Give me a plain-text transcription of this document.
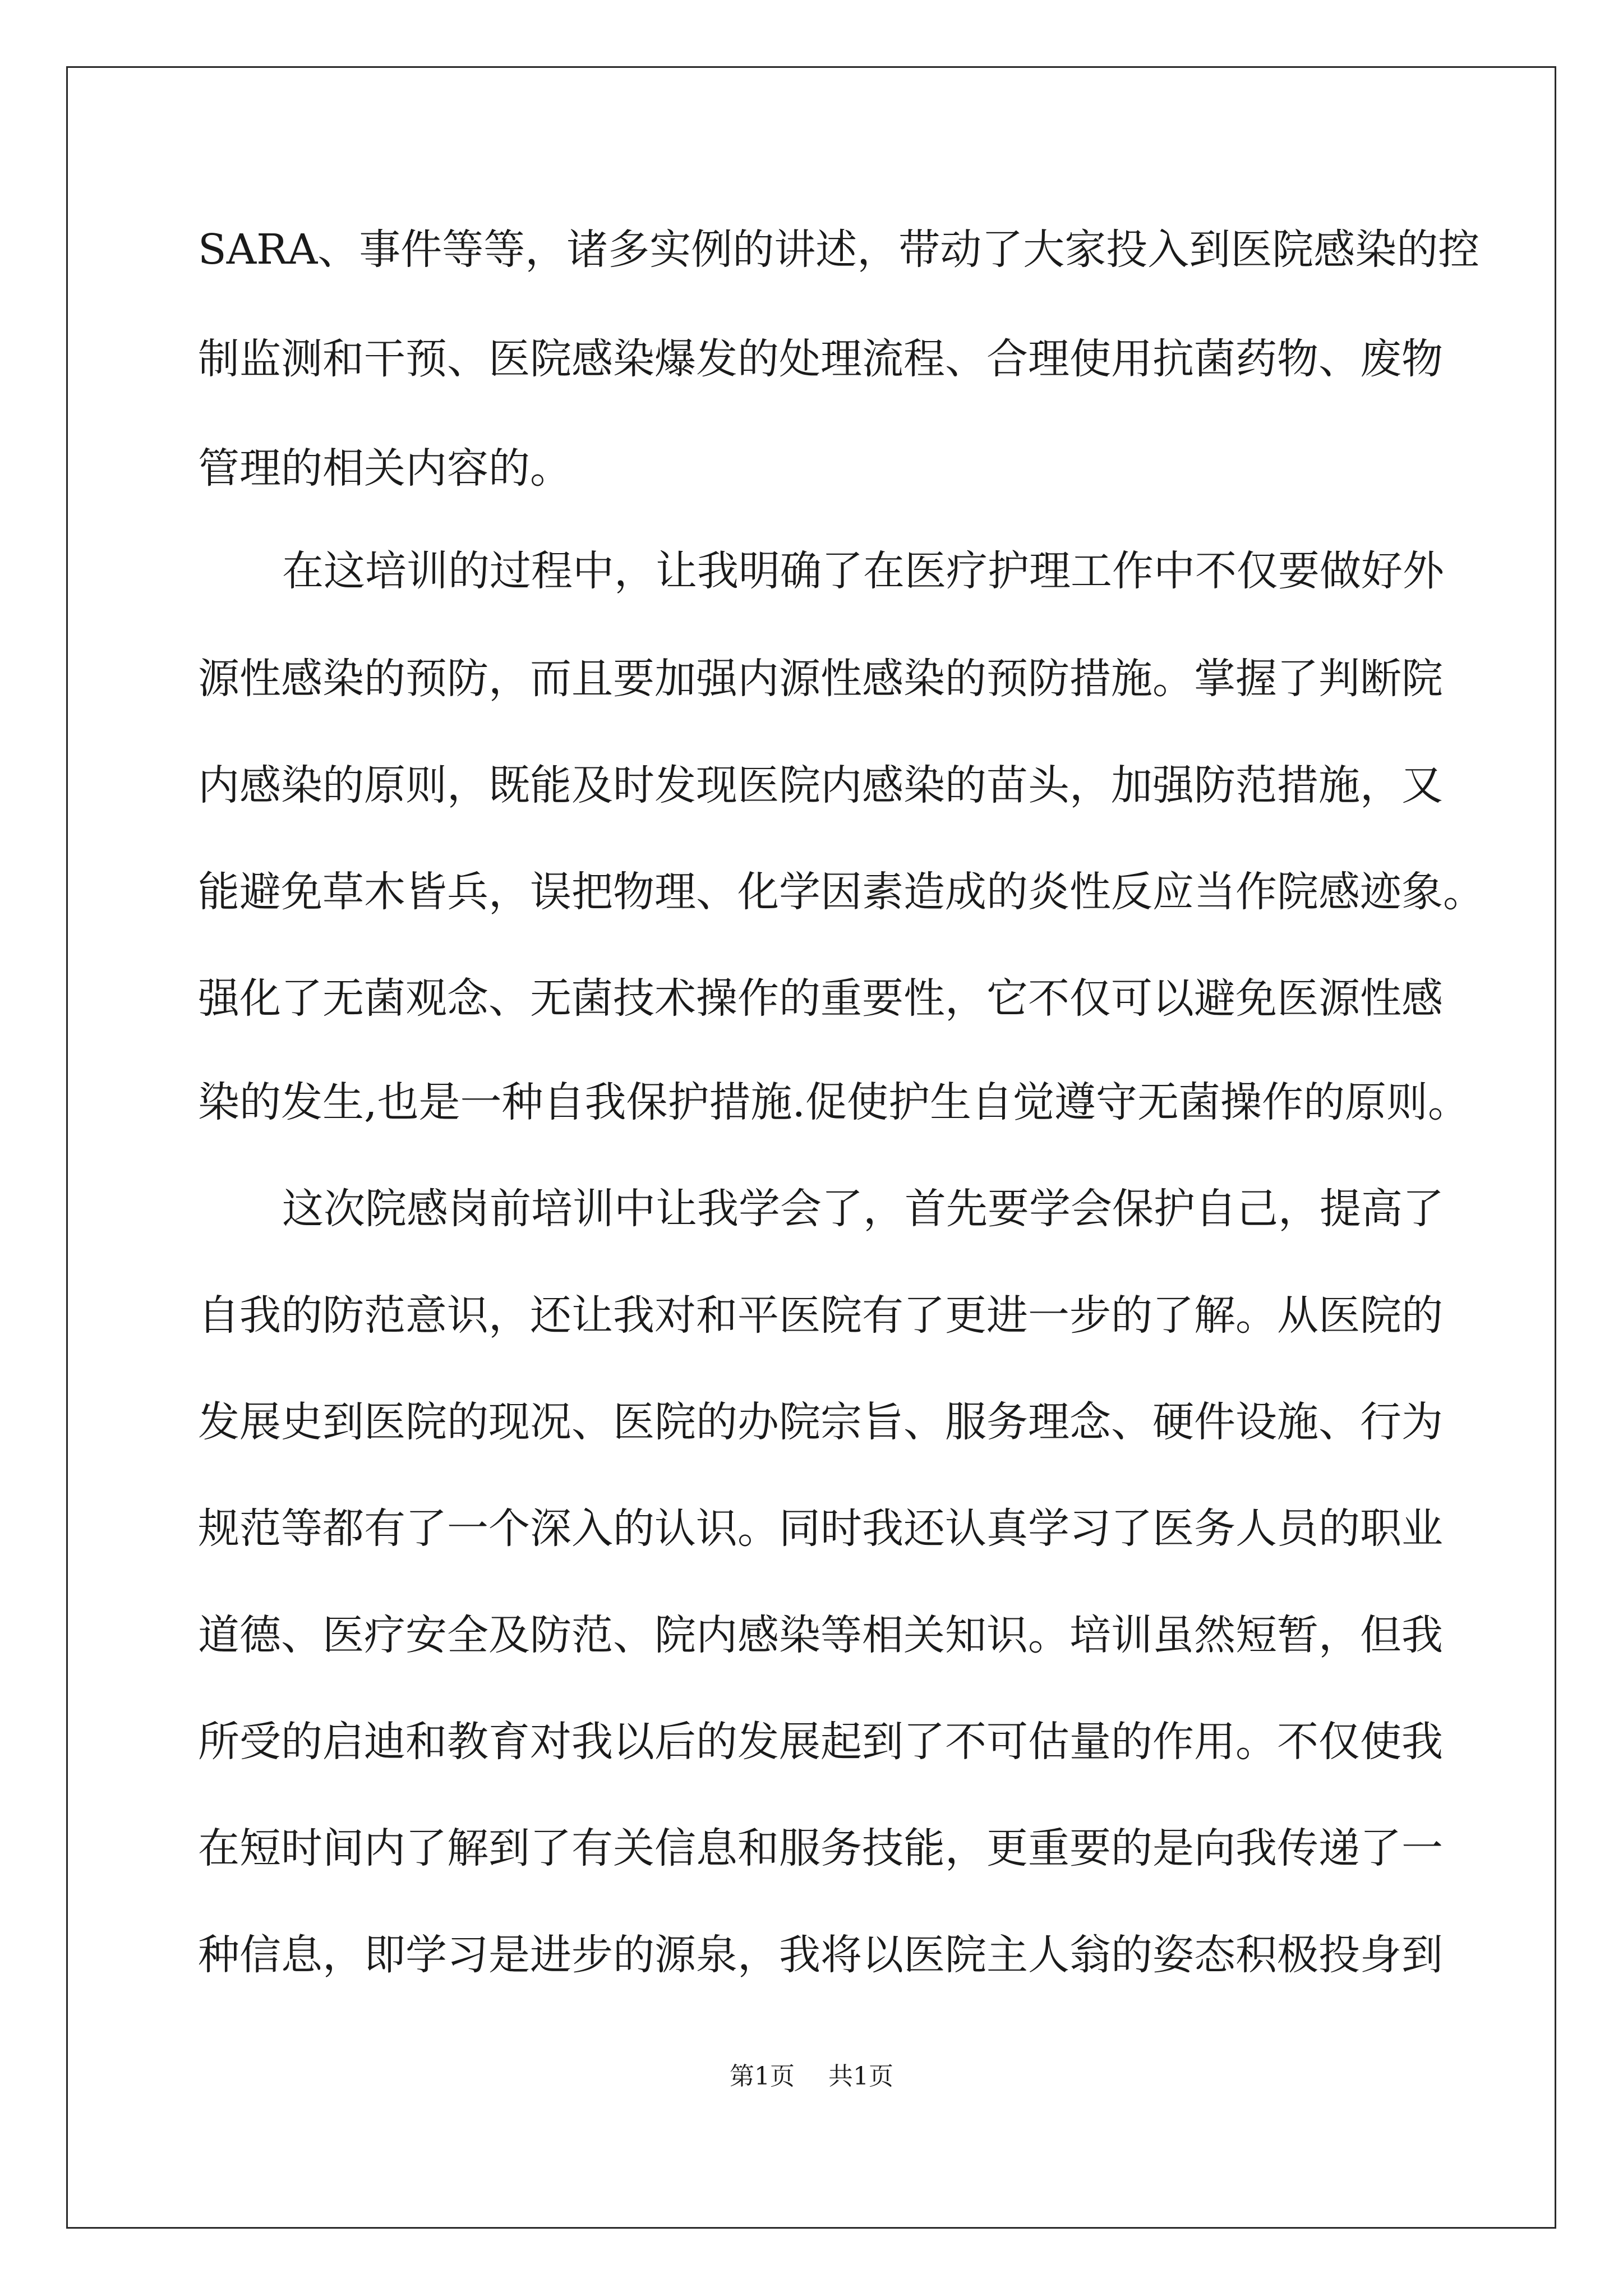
SARA、事件等等，诸多实例的讲述，带动了大家投入到医院感染的控
制监测和干预、医院感染爆发的处理流程、合理使用抗菌药物、废物
管理的相关内容的。
在这培训的过程中，让我明确了在医疗护理工作中不仅要做好外
源性感染的预防，而且要加强内源性感染的预防措施。掌握了判断院
内感染的原则，既能及时发现医院内感染的苗头，加强防范措施，又
能避免草木皆兵，误把物理、化学因素造成的炎性反应当作院感迹象。
强化了无菌观念、无菌技术操作的重要性，它不仅可以避免医源性感
染的发生,也是一种自我保护措施.促使护生自觉遵守无菌操作的原则。
这次院感岗前培训中让我学会了，首先要学会保护自己，提高了
自我的防范意识，还让我对和平医院有了更进一步的了解。从医院的
发展史到医院的现况、医院的办院宗旨、服务理念、硬件设施、行为
规范等都有了一个深入的认识。同时我还认真学习了医务人员的职业
道德、医疗安全及防范、院内感染等相关知识。培训虽然短暂，但我
所受的启迪和教育对我以后的发展起到了不可估量的作用。不仅使我
在短时间内了解到了有关信息和服务技能，更重要的是向我传递了一
种信息，即学习是进步的源泉，我将以医院主人翁的姿态积极投身到
第1页 共1页
